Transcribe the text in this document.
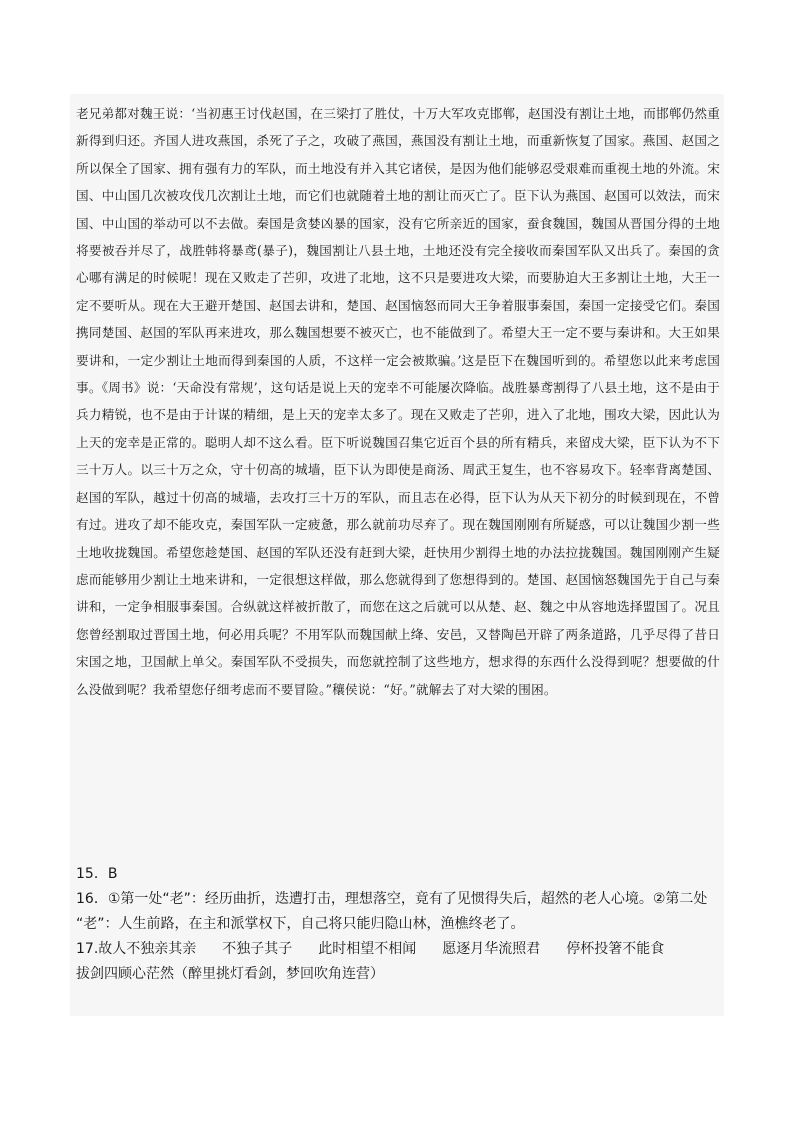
老兄弟都对魏王说：‘当初惠王讨伐赵国，在三梁打了胜仗，十万大军攻克邯郸，赵国没有割让土地，而邯郸仍然重新得到归还。齐国人进攻燕国，杀死了子之，攻破了燕国，燕国没有割让土地，而重新恢复了国家。燕国、赵国之所以保全了国家、拥有强有力的军队，而土地没有并入其它诸侯，是因为他们能够忍受艰难而重视土地的外流。宋国、中山国几次被攻伐几次割让土地，而它们也就随着土地的割让而灭亡了。臣下认为燕国、赵国可以效法，而宋国、中山国的举动可以不去做。秦国是贪婪凶暴的国家，没有它所亲近的国家，蚕食魏国，魏国从晋国分得的土地将要被吞并尽了，战胜韩将暴鸢(暴子)，魏国割让八县土地，土地还没有完全接收而秦国军队又出兵了。秦国的贪心哪有满足的时候呢！现在又败走了芒卯，攻进了北地，这不只是要进攻大梁，而要胁迫大王多割让土地，大王一定不要听从。现在大王避开楚国、赵国去讲和，楚国、赵国恼怒而同大王争着服事秦国，秦国一定接受它们。秦国携同楚国、赵国的军队再来进攻，那么魏国想要不被灭亡，也不能做到了。希望大王一定不要与秦讲和。大王如果要讲和，一定少割让土地而得到秦国的人质，不这样一定会被欺骗。’这是臣下在魏国听到的。希望您以此来考虑国事。《周书》说：‘天命没有常规’，这句话是说上天的宠幸不可能屡次降临。战胜暴鸢割得了八县土地，这不是由于兵力精锐，也不是由于计谋的精细，是上天的宠幸太多了。现在又败走了芒卯，进入了北地，围攻大梁，因此认为上天的宠幸是正常的。聪明人却不这么看。臣下听说魏国召集它近百个县的所有精兵，来留戍大梁，臣下认为不下三十万人。以三十万之众，守十仞高的城墙，臣下认为即使是商汤、周武王复生，也不容易攻下。轻率背离楚国、赵国的军队，越过十仞高的城墙，去攻打三十万的军队，而且志在必得，臣下认为从天下初分的时候到现在，不曾有过。进攻了却不能攻克，秦国军队一定疲惫，那么就前功尽弃了。现在魏国刚刚有所疑惑，可以让魏国少割一些土地收拢魏国。希望您趁楚国、赵国的军队还没有赶到大梁，赶快用少割得土地的办法拉拢魏国。魏国刚刚产生疑虑而能够用少割让土地来讲和，一定很想这样做，那么您就得到了您想得到的。楚国、赵国恼怒魏国先于自己与秦讲和，一定争相服事秦国。合纵就这样被折散了，而您在这之后就可以从楚、赵、魏之中从容地选择盟国了。况且您曾经割取过晋国土地，何必用兵呢？不用军队而魏国献上绛、安邑，又替陶邑开辟了两条道路，几乎尽得了昔日宋国之地，卫国献上单父。秦国军队不受损失，而您就控制了这些地方，想求得的东西什么没得到呢？想要做的什么没做到呢？我希望您仔细考虑而不要冒险。”穰侯说：“好。”就解去了对大梁的围困。
15．B
16．①第一处“老”：经历曲折，迭遭打击，理想落空，竟有了见惯得失后，超然的老人心境。②第二处
“老”：人生前路，在主和派掌权下，自己将只能归隐山林，渔樵终老了。
17.故人不独亲其亲 不独子其子 此时相望不相闻 愿逐月华流照君 停杯投箸不能食
拔剑四顾心茫然（醉里挑灯看剑，梦回吹角连营）
